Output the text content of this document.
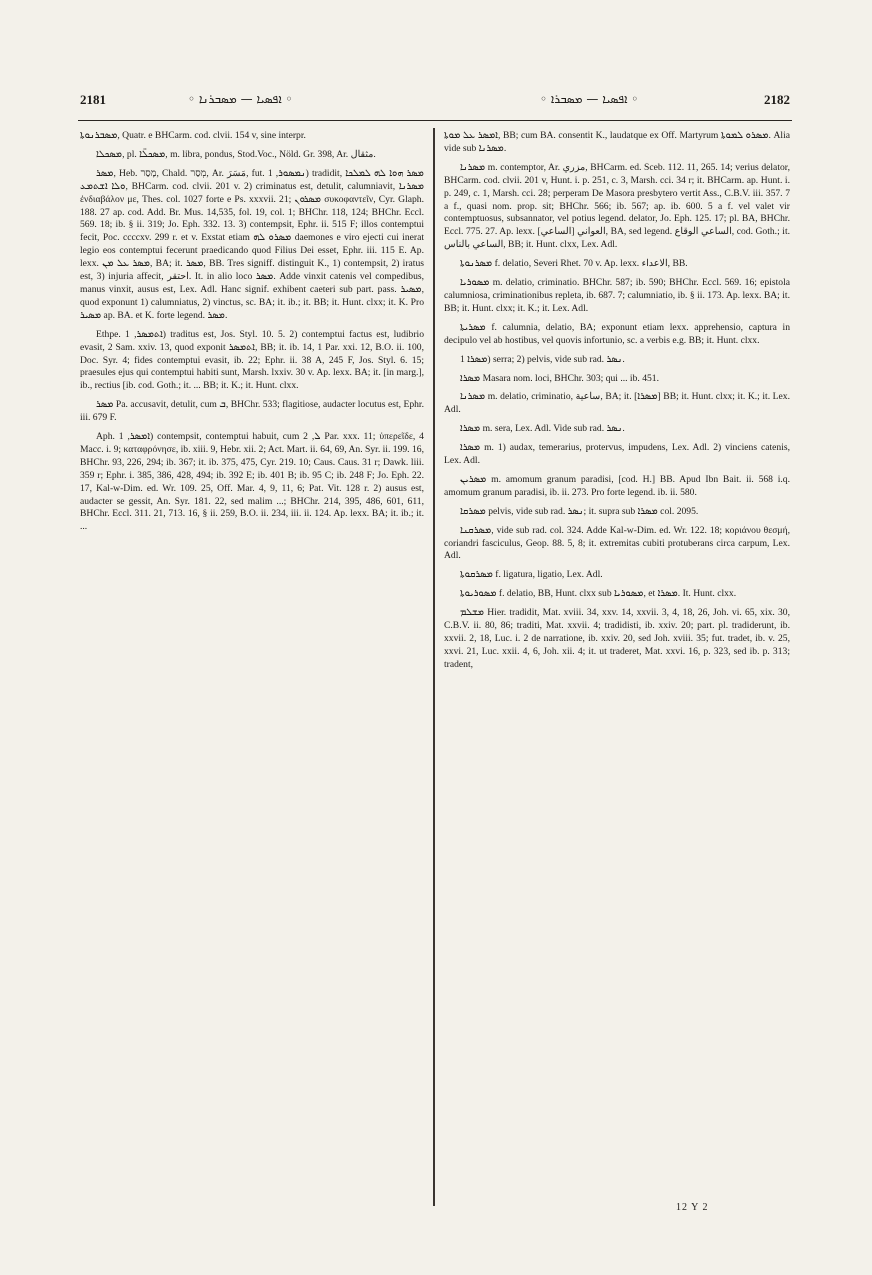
2181	◦ ܐܦܣܝܐ — ܡܣܒܪܢܐ ◦	◦ ܐܦܣܝܐ — ܡܣܒܪܐ ◦	2182

ܡܣܒܪܢܘܬܐ, Quatr. e BHCarm. cod. clvii. 154 v, sine interpr.

ܡܣܟܠܐ, pl. ܡܣܟܠ̈ܐ, m. libra, pondus, Stod.Voc., Nöld. Gr. 398, Ar. مثقال.

ܡܣܪ, Heb. מָסַר, Chald. מְסַר, Ar. مَسَرَ, fut. ܢܡܣܘܪ, 1) tradidit, ܡܣܪ ܗܘܐ ܠܗ ܠܡܠܟܐ ܘܠܐ ܐܫܬܡܥ, BHCarm. cod. clvii. 201 v. 2) criminatus est, detulit, calumniavit, ܡܣܪܢܐ ἐνδιαβάλον με, Thes. col. 1027 forte e Ps. xxxvii. 21; ܡܣܪܘܢ συκοφαντεῖν, Cyr. Glaph. 188. 27 ap. cod. Add. Br. Mus. 14,535, fol. 19, col. 1; BHChr. 118, 124; BHChr. Eccl. 569. 18; ib. § ii. 319; Jo. Eph. 332. 13. 3) contempsit, Ephr. ii. 515 F; illos contemptui fecit, Poc. ccccxv. 299 r. et v. Exstat etiam ܡܣܪܘ ܠܗ daemones e viro ejecti cui inerat legio eos contemptui fecerunt praedicando quod Filius Dei esset, Ephr. iii. 115 E. Ap. lexx. ܡܣܪ ܥܠ ܡܢ, BA; it. ܡܣܪ, BB. Tres signiff. distinguit K., 1) contempsit, 2) iratus est, 3) injuria affecit, احتقر. It. in alio loco ܡܣܪ. Adde vinxit catenis vel compedibus, manus vinxit, ausus est, Lex. Adl. Hanc signif. exhibent caeteri sub part. pass. ܡܣܝܪ, quod exponunt 1) calumniatus, 2) vinctus, sc. BA; it. ib.; it. BB; it. Hunt. clxx; it. K. Pro ܡܣܝܪ ap. BA. et K. forte legend. ܡܣܪ.

Ethpe. ܐܬܡܣܪ, 1) traditus est, Jos. Styl. 10. 5. 2) contemptui factus est, ludibrio evasit, 2 Sam. xxiv. 13, quod exponit ܐܬܡܣܪ, BB; it. ib. 14, 1 Par. xxi. 12, B.O. ii. 100, Doc. Syr. 4; fides contemptui evasit, ib. 22; Ephr. ii. 38 A, 245 F, Jos. Styl. 6. 15; praesules ejus qui contemptui habiti sunt, Marsh. lxxiv. 30 v. Ap. lexx. BA; it. [in marg.], ib., rectius [ib. cod. Goth.; it. ... BB; it. K.; it. Hunt. clxx.

ܡܣܪ Pa. accusavit, detulit, cum ܒ, BHChr. 533; flagitiose, audacter locutus est, Ephr. iii. 679 F.

Aph. ܐܡܣܪ, 1) contempsit, contemptui habuit, cum ܠ, 2 Par. xxx. 11; ὑπερεῖδε, 4 Macc. i. 9; καταφρόνησε, ib. xiii. 9, Hebr. xii. 2; Act. Mart. ii. 64, 69, An. Syr. ii. 199. 16, BHChr. 93, 226, 294; ib. 367; it. ib. 375, 475, Cyr. 219. 10; Caus. Caus. 31 r; Dawk. liii. 359 r; Ephr. i. 385, 386, 428, 494; ib. 392 E; ib. 401 B; ib. 95 C; ib. 248 F; Jo. Eph. 22. 17, Kal-w-Dim. ed. Wr. 109. 25, Off. Mar. 4, 9, 11, 6; Pat. Vit. 128 r. 2) ausus est, audacter se gessit, An. Syr. 181. 22, sed malim ...; BHChr. 214, 395, 486, 601, 611, BHChr. Eccl. 311. 21, 713. 16, § ii. 259, B.O. ii. 234, iii. ii. 124. Ap. lexx. BA; it. ib.; it. ...

ܐܡܣܪ ܥܠ ܡܘܬܐ, BB; cum BA. consentit K., laudatque ex Off. Martyrum ܡܣܪܘ ܠܡܘܬܐ. Alia vide sub ܡܣܪܢܐ.

ܡܣܪܢܐ m. contemptor, Ar. مزري, BHCarm. ed. Sceb. 112. 11, 265. 14; verius delator, BHCarm. cod. clvii. 201 v, Hunt. i. p. 251, c. 3, Marsh. cci. 34 r; it. BHCarm. ap. Hunt. i. p. 249, c. 1, Marsh. cci. 28; perperam De Masora presbytero vertit Ass., C.B.V. iii. 357. 7 a f., quasi nom. prop. sit; BHChr. 566; ib. 567; ap. ib. 600. 5 a f. vel valet vir contemptuosus, subsannator, vel potius legend. delator, Jo. Eph. 125. 17; pl. BA, BHChr. Eccl. 775. 27. Ap. lexx. [الساعي] العواني, BA, sed legend. الساعي الوقاع, cod. Goth.; it. الساعي بالناس, BB; it. Hunt. clxx, Lex. Adl.

ܡܣܪܢܘܬܐ f. delatio, Severi Rhet. 70 v. Ap. lexx. الاعداء, BB.

ܡܣܘܪܝܐ m. delatio, criminatio. BHChr. 587; ib. 590; BHChr. Eccl. 569. 16; epistola calumniosa, criminationibus repleta, ib. 687. 7; calumniatio, ib. § ii. 173. Ap. lexx. BA; it. BB; it. Hunt. clxx; it. K.; it. Lex. Adl.

ܡܣܪܝܬܐ f. calumnia, delatio, BA; exponunt etiam lexx. apprehensio, captura in decipulo vel ab hostibus, vel quovis infortunio, sc. a verbis e.g. BB; it. Hunt. clxx.

ܡܣܪܐ 1) serra; 2) pelvis, vide sub rad. ܢܣܪ.

ܡܣܪܐ Masara nom. loci, BHChr. 303; qui ... ib. 451.

ܡܣܪܢܐ m. delatio, criminatio, ساعية, BA; it. [ܡܣܪܐ] BB; it. Hunt. clxx; it. K.; it. Lex. Adl.

ܡܣܪܐ m. sera, Lex. Adl. Vide sub rad. ܢܣܪ.

ܡܣܪܐ m. 1) audax, temerarius, protervus, impudens, Lex. Adl. 2) vinciens catenis, Lex. Adl.

ܡܣܪܝܢ m. amomum granum paradisi, [cod. H.] BB. Apud Ibn Bait. ii. 568 i.q. amomum granum paradisi, ib. ii. 273. Pro forte legend. ib. ii. 580.

ܡܣܪܩܐ pelvis, vide sub rad. ܢܣܪ; it. supra sub ܡܣܪܐ col. 2095.

ܡܣܪܩܢܐ, vide sub rad. col. 324. Adde Kal-w-Dim. ed. Wr. 122. 18; κοριάνου θεσμή, coriandri fasciculus, Geop. 88. 5, 8; it. extremitas cubiti protuberans circa carpum, Lex. Adl.

ܡܣܪܩܘܬܐ f. ligatura, ligatio, Lex. Adl.

ܡܣܘܪܝܘܬܐ f. delatio, BB, Hunt. clxx sub ܡܣܘܪܝܐ, et ܡܣܪܐ. It. Hunt. clxx.

ܡܫܠܡ Hier. tradidit, Mat. xviii. 34, xxv. 14, xxvii. 3, 4, 18, 26, Joh. vi. 65, xix. 30, C.B.V. ii. 80, 86; traditi, Mat. xxvii. 4; tradidisti, ib. xxiv. 20; part. pl. tradiderunt, ib. xxvii. 2, 18, Luc. i. 2 de narratione, ib. xxiv. 20, sed Joh. xviii. 35; fut. tradet, ib. v. 25, xxvi. 21, Luc. xxii. 4, 6, Joh. xii. 4; it. ut traderet, Mat. xxvi. 16, p. 323, sed ib. p. 313; tradent,

12 Y 2
